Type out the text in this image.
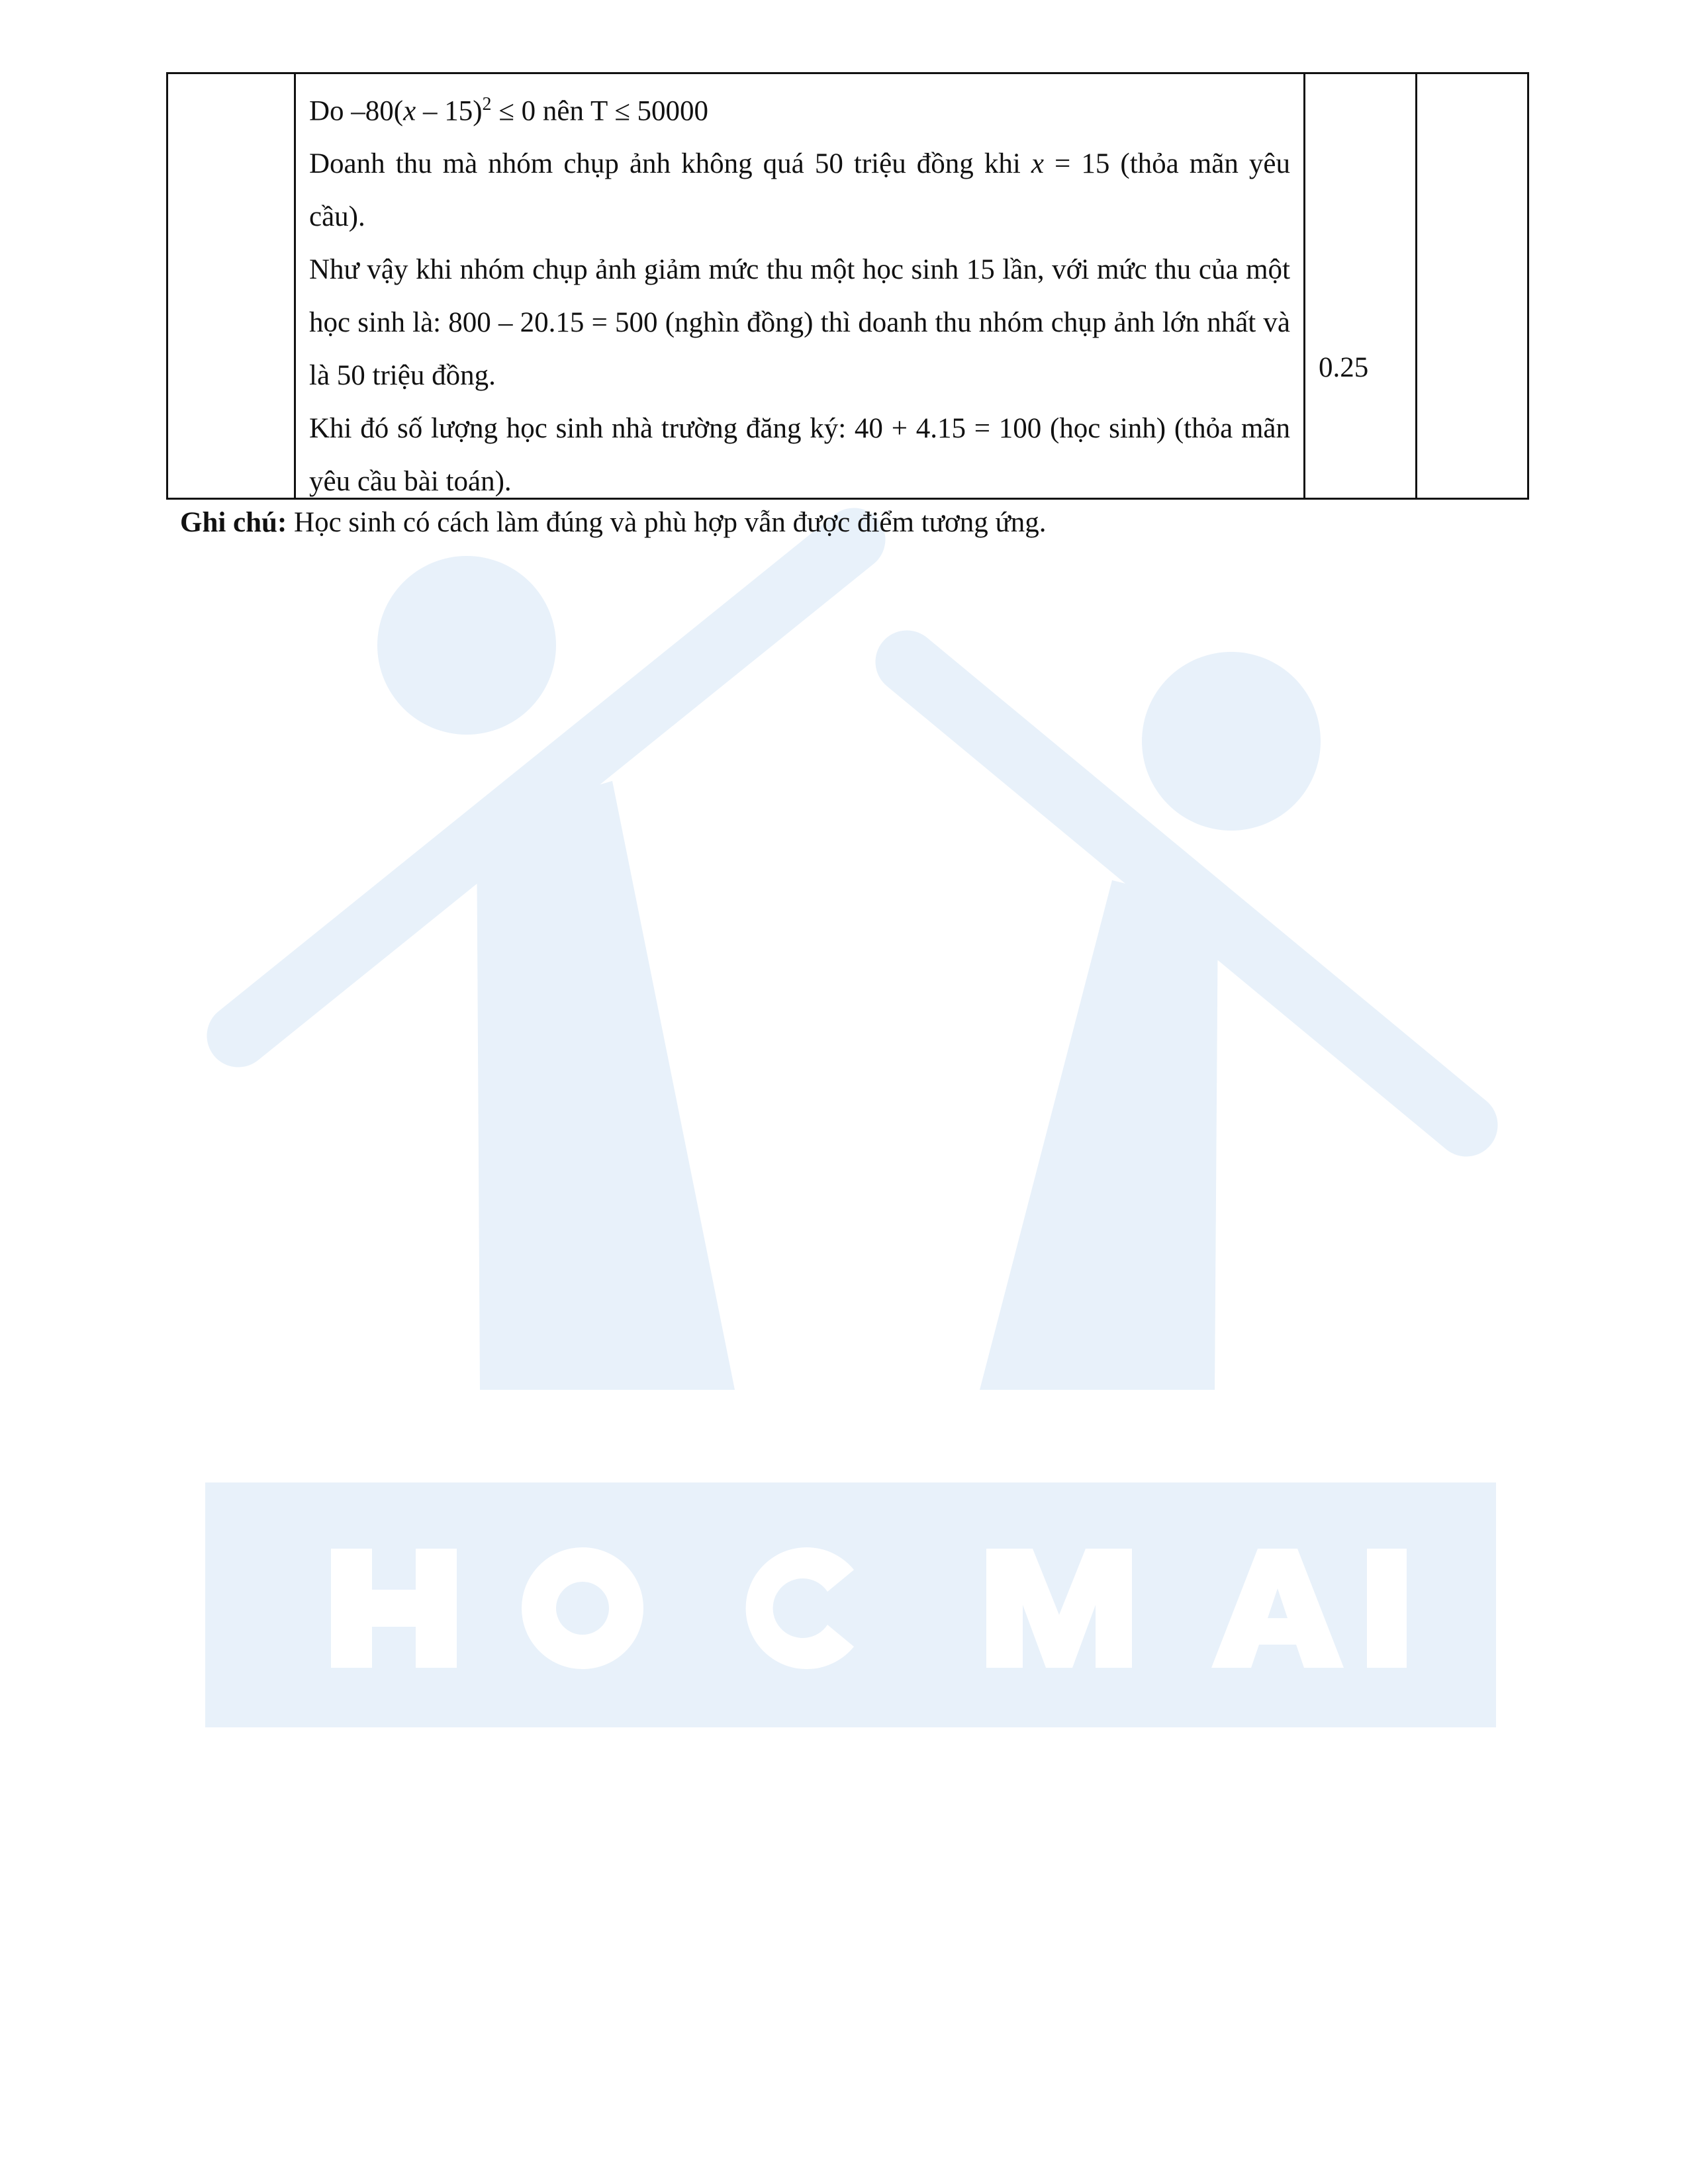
HOCMAI

Do –80(x – 15)$^2$ ≤ 0 nên T ≤ 50000
Doanh thu mà nhóm chụp ảnh không quá 50 triệu đồng khi x = 15 (thỏa mãn yêu cầu).
Như vậy khi nhóm chụp ảnh giảm mức thu một học sinh 15 lần, với mức thu của một học sinh là: 800 – 20.15 = 500 (nghìn đồng) thì doanh thu nhóm chụp ảnh lớn nhất và là 50 triệu đồng.
Khi đó số lượng học sinh nhà trường đăng ký: 40 + 4.15 = 100 (học sinh) (thỏa mãn yêu cầu bài toán).

0.25

Ghi chú: Học sinh có cách làm đúng và phù hợp vẫn được điểm tương ứng.
